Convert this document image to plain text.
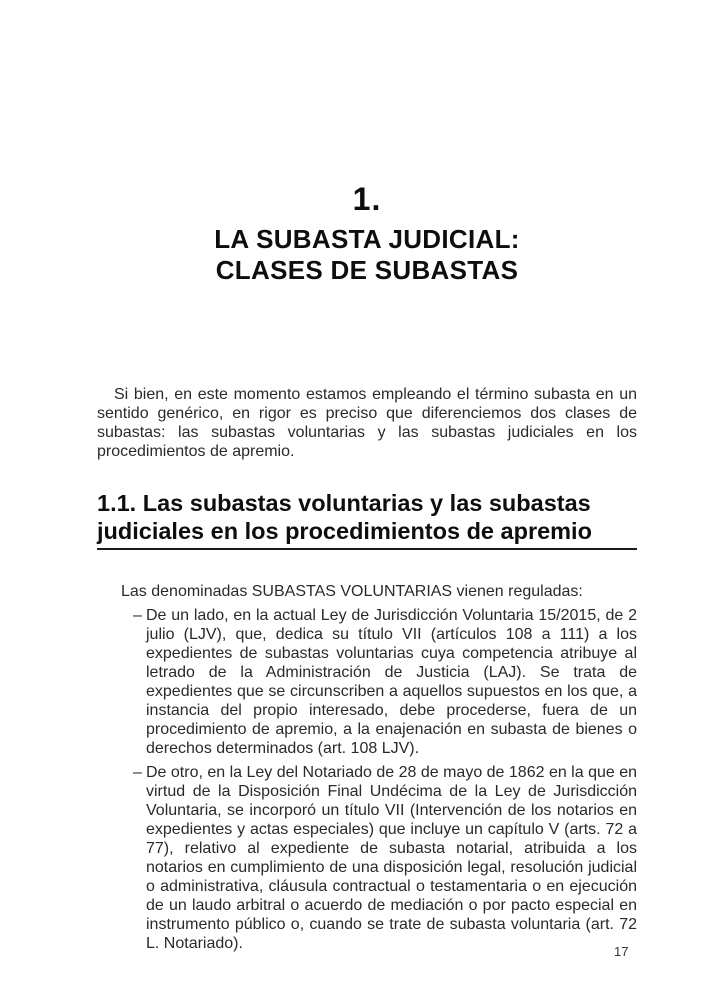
1.
LA SUBASTA JUDICIAL:
CLASES DE SUBASTAS

Si bien, en este momento estamos empleando el término subasta en un sentido genérico, en rigor es preciso que diferenciemos dos clases de subastas: las subastas voluntarias y las subastas judiciales en los procedimientos de apremio.

1.1. Las subastas voluntarias y las subastas judiciales en los procedimientos de apremio

Las denominadas SUBASTAS VOLUNTARIAS vienen reguladas:

– De un lado, en la actual Ley de Jurisdicción Voluntaria 15/2015, de 2 julio (LJV), que, dedica su título VII (artículos 108 a 111) a los expedientes de subastas voluntarias cuya competencia atribuye al letrado de la Administración de Justicia (LAJ). Se trata de expedientes que se circunscriben a aquellos supuestos en los que, a instancia del propio interesado, debe procederse, fuera de un procedimiento de apremio, a la enajenación en subasta de bienes o derechos determinados (art. 108 LJV).
– De otro, en la Ley del Notariado de 28 de mayo de 1862 en la que en virtud de la Disposición Final Undécima de la Ley de Jurisdicción Voluntaria, se incorporó un título VII (Intervención de los notarios en expedientes y actas especiales) que incluye un capítulo V (arts. 72 a 77), relativo al expediente de subasta notarial, atribuida a los notarios en cumplimiento de una disposición legal, resolución judicial o administrativa, cláusula contractual o testamentaria o en ejecución de un laudo arbitral o acuerdo de mediación o por pacto especial en instrumento público o, cuando se trate de subasta voluntaria (art. 72 L. Notariado).	17
